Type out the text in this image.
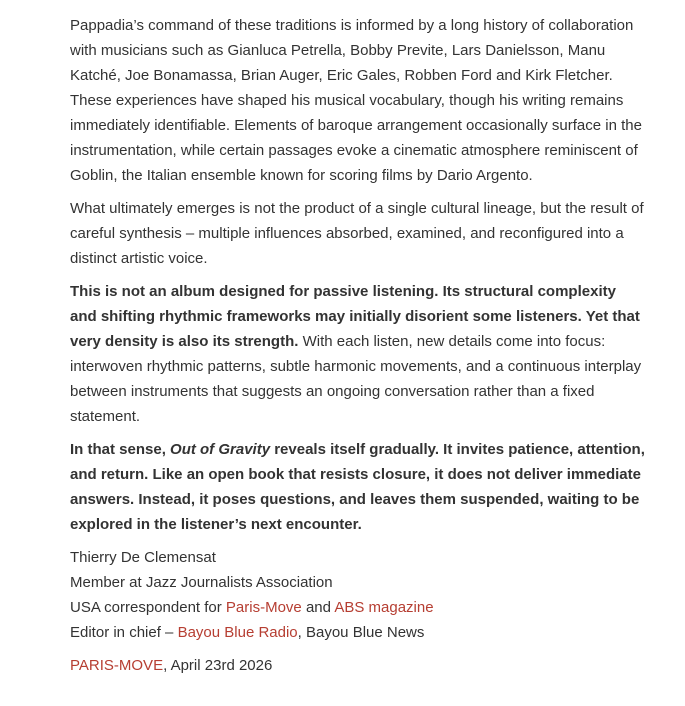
Pappadia’s command of these traditions is informed by a long history of collaboration with musicians such as Gianluca Petrella, Bobby Previte, Lars Danielsson, Manu Katché, Joe Bonamassa, Brian Auger, Eric Gales, Robben Ford and Kirk Fletcher. These experiences have shaped his musical vocabulary, though his writing remains immediately identifiable. Elements of baroque arrangement occasionally surface in the instrumentation, while certain passages evoke a cinematic atmosphere reminiscent of Goblin, the Italian ensemble known for scoring films by Dario Argento.

What ultimately emerges is not the product of a single cultural lineage, but the result of careful synthesis – multiple influences absorbed, examined, and reconfigured into a distinct artistic voice.

This is not an album designed for passive listening. Its structural complexity and shifting rhythmic frameworks may initially disorient some listeners. Yet that very density is also its strength. With each listen, new details come into focus: interwoven rhythmic patterns, subtle harmonic movements, and a continuous interplay between instruments that suggests an ongoing conversation rather than a fixed statement.

In that sense, Out of Gravity reveals itself gradually. It invites patience, attention, and return. Like an open book that resists closure, it does not deliver immediate answers. Instead, it poses questions, and leaves them suspended, waiting to be explored in the listener’s next encounter.

Thierry De Clemensat
Member at Jazz Journalists Association
USA correspondent for Paris-Move and ABS magazine
Editor in chief – Bayou Blue Radio, Bayou Blue News

PARIS-MOVE, April 23rd 2026
